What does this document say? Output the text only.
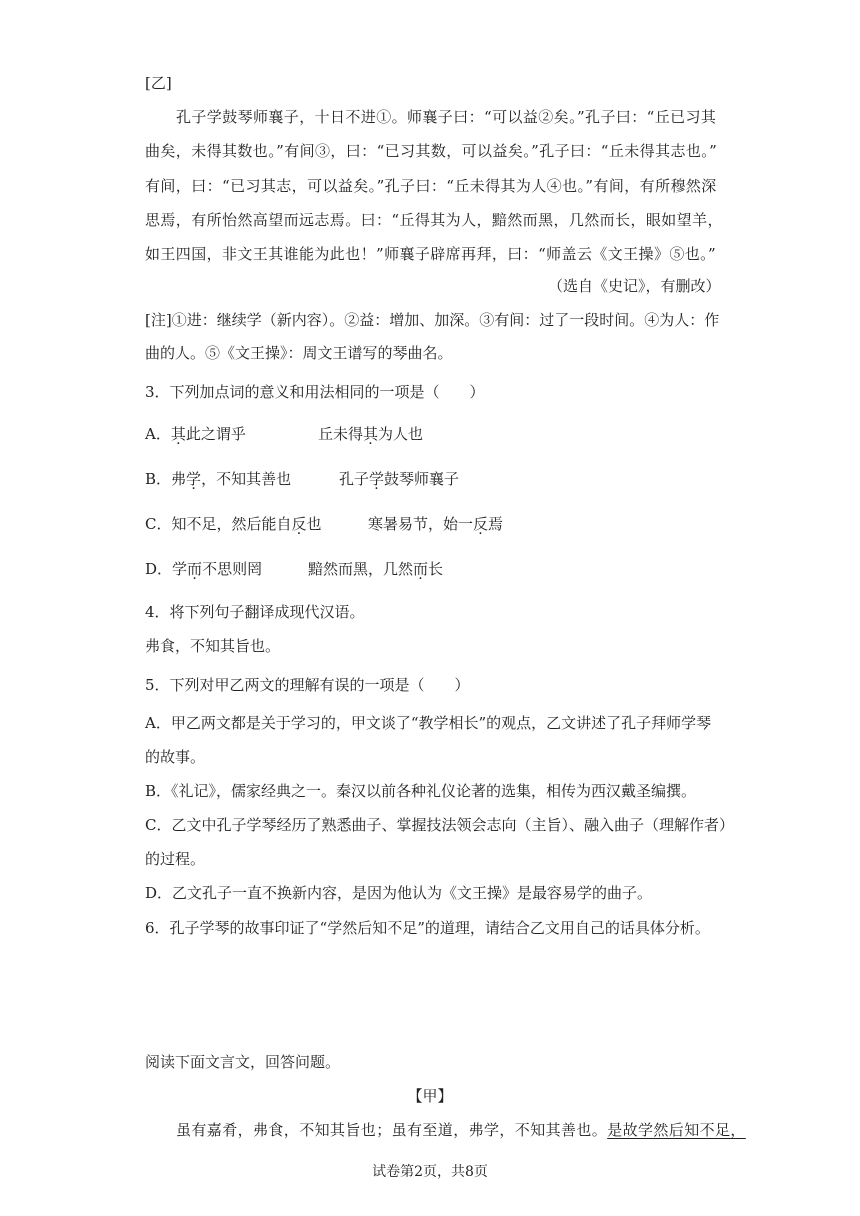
[乙]
孔子学鼓琴师襄子，十日不进①。师襄子曰：“可以益②矣。”孔子曰：“丘已习其
曲矣，未得其数也。”有间③，曰：“已习其数，可以益矣。”孔子曰：“丘未得其志也。”
有间，曰：“已习其志，可以益矣。”孔子曰：“丘未得其为人④也。”有间，有所穆然深
思焉，有所怡然高望而远志焉。曰：“丘得其为人，黯然而黑，几然而长，眼如望羊，
如王四国，非文王其谁能为此也！”师襄子辟席再拜，曰：“师盖云《文王操》⑤也。”
（选自《史记》，有删改）
[注]①进：继续学（新内容）。②益：增加、加深。③有间：过了一段时间。④为人：作
曲的人。⑤《文王操》：周文王谱写的琴曲名。
3．下列加点词的意义和用法相同的一项是（　　）
A．其此之谓乎	丘未得其为人也
B．弗学，不知其善也	孔子学鼓琴师襄子
C．知不足，然后能自反也	寒暑易节，始一反焉
D．学而不思则罔	黯然而黑，几然而长
4．将下列句子翻译成现代汉语。
弗食，不知其旨也。
5．下列对甲乙两文的理解有误的一项是（　　）
A．甲乙两文都是关于学习的，甲文谈了“教学相长”的观点，乙文讲述了孔子拜师学琴
的故事。
B．《礼记》，儒家经典之一。秦汉以前各种礼仪论著的选集，相传为西汉戴圣编撰。
C．乙文中孔子学琴经历了熟悉曲子、掌握技法领会志向（主旨）、融入曲子（理解作者）
的过程。
D．乙文孔子一直不换新内容，是因为他认为《文王操》是最容易学的曲子。
6．孔子学琴的故事印证了“学然后知不足”的道理，请结合乙文用自己的话具体分析。
阅读下面文言文，回答问题。
【甲】
虽有嘉肴，弗食，不知其旨也；虽有至道，弗学，不知其善也。是故学然后知不足，
试卷第2页，共8页
